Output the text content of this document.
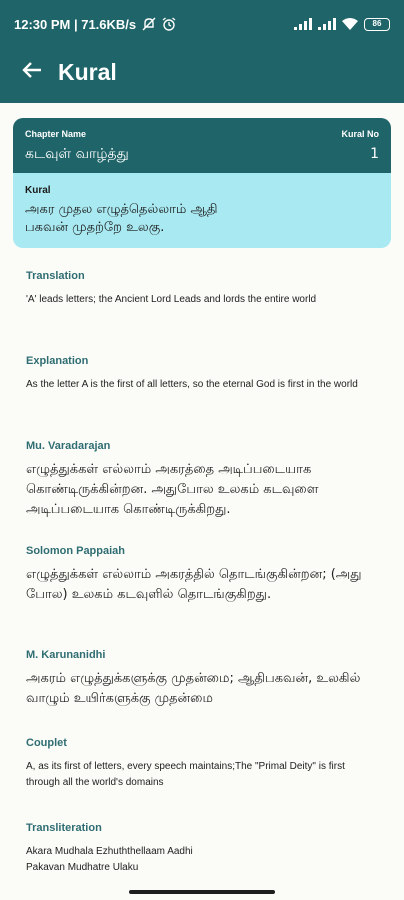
12:30 PM | 71.6KB/s	86
Kural
Chapter Name
கடவுள் வாழ்த்து
Kural No
1
Kural
அகர முதல எழுத்தெல்லாம் ஆதி
பகவன் முதற்றே உலகு.
Translation
'A' leads letters; the Ancient Lord Leads and lords the entire world
Explanation
As the letter A is the first of all letters, so the eternal God is first in the world
Mu. Varadarajan
எழுத்துக்கள் எல்லாம் அகரத்தை அடிப்படையாக கொண்டிருக்கின்றன. அதுபோல உலகம் கடவுளை அடிப்படையாக கொண்டிருக்கிறது.
Solomon Pappaiah
எழுத்துக்கள் எல்லாம் அகரத்தில் தொடங்குகின்றன; (அது போல) உலகம் கடவுளில் தொடங்குகிறது.
M. Karunanidhi
அகரம் எழுத்துக்களுக்கு முதன்மை; ஆதிபகவன், உலகில் வாழும் உயிர்களுக்கு முதன்மை
Couplet
A, as its first of letters, every speech maintains;The "Primal Deity" is first through all the world's domains
Transliteration
Akara Mudhala Ezhuththellaam Aadhi
Pakavan Mudhatre Ulaku
